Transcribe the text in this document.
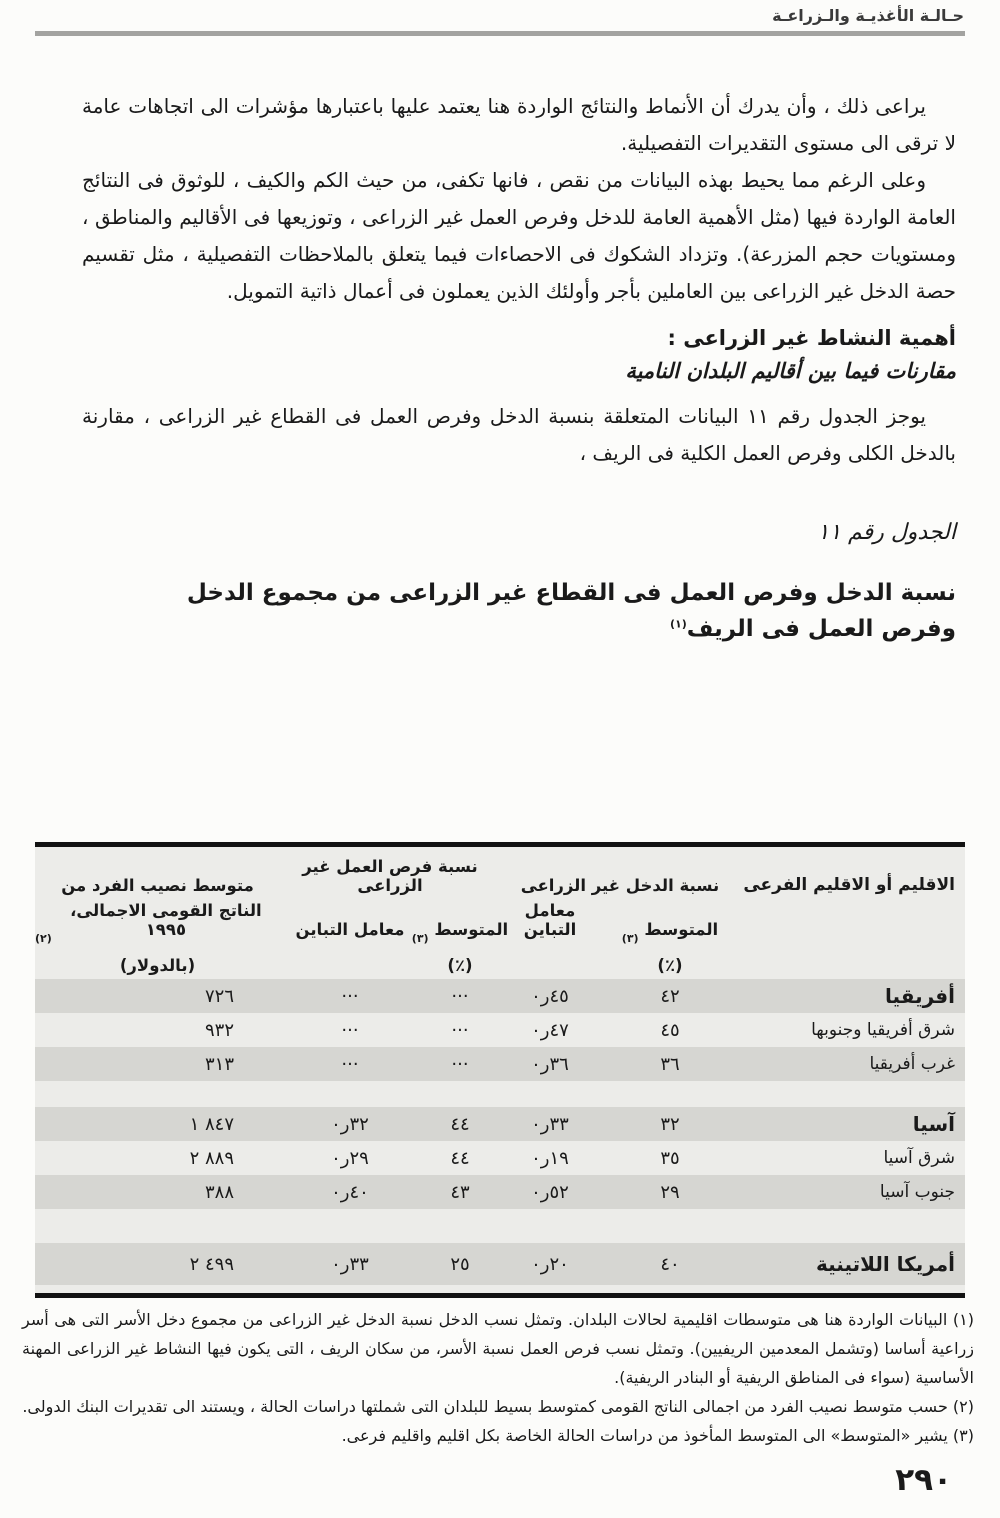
حـالـة الأغذيـة والـزراعـة

يراعى ذلك ، وأن يدرك أن الأنماط والنتائج الواردة هنا يعتمد عليها باعتبارها مؤشرات الى اتجاهات عامة لا ترقى الى مستوى التقديرات التفصيلية.

وعلى الرغم مما يحيط بهذه البيانات من نقص ، فانها تكفى، من حيث الكم والكيف ، للوثوق فى النتائج العامة الواردة فيها (مثل الأهمية العامة للدخل وفرص العمل غير الزراعى ، وتوزيعها فى الأقاليم والمناطق ، ومستويات حجم المزرعة). وتزداد الشكوك فى الاحصاءات فيما يتعلق بالملاحظات التفصيلية ، مثل تقسيم حصة الدخل غير الزراعى بين العاملين بأجر وأولئك الذين يعملون فى أعمال ذاتية التمويل.

أهمية النشاط غير الزراعى :
مقارنات فيما بين أقاليم البلدان النامية

يوجز الجدول رقم ١١ البيانات المتعلقة بنسبة الدخل وفرص العمل فى القطاع غير الزراعى ، مقارنة بالدخل الكلى وفرص العمل الكلية فى الريف ،

الجدول رقم ١١
نسبة الدخل وفرص العمل فى القطاع غير الزراعى من مجموع الدخل
وفرص العمل فى الريف$^{(١)}$
الاقليم أو الاقليم الفرعى
نسبة الدخل غير الزراعى
نسبة فرص العمل غير الزراعى
متوسط نصيب الفرد من
المتوسط

(٣)
معامل التباين
المتوسط

(٣)
معامل التباين
الناتج القومى الاجمالى، ١٩٩٥
(٢)
(٪)
(٪)
(بالدولار)
أفريقيا
٤٢
٠ر٤٥
···
···
٧٢٦
شرق أفريقيا وجنوبها
٤٥
٠ر٤٧
···
···
٩٣٢
غرب أفريقيا
٣٦
٠ر٣٦
···
···
٣١٣
آسيا
٣٢
٠ر٣٣
٤٤
٠ر٣٢
١ ٨٤٧
شرق آسيا
٣٥
٠ر١٩
٤٤
٠ر٢٩
٢ ٨٨٩
جنوب آسيا
٢٩
٠ر٥٢
٤٣
٠ر٤٠
٣٨٨
أمريكا اللاتينية
٤٠
٠ر٢٠
٢٥
٠ر٣٣
٢ ٤٩٩

(١) البيانات الواردة هنا هى متوسطات اقليمية لحالات البلدان. وتمثل نسب الدخل نسبة الدخل غير الزراعى من مجموع دخل الأسر التى هى أسر زراعية أساسا (وتشمل المعدمين الريفيين). وتمثل نسب فرص العمل نسبة الأسر، من سكان الريف ، التى يكون فيها النشاط غير الزراعى المهنة الأساسية (سواء فى المناطق الريفية أو البنادر الريفية).

(٢) حسب متوسط نصيب الفرد من اجمالى الناتج القومى كمتوسط بسيط للبلدان التى شملتها دراسات الحالة ، ويستند الى تقديرات البنك الدولى.

(٣) يشير «المتوسط» الى المتوسط المأخوذ من دراسات الحالة الخاصة بكل اقليم واقليم فرعى.

٢٩٠
